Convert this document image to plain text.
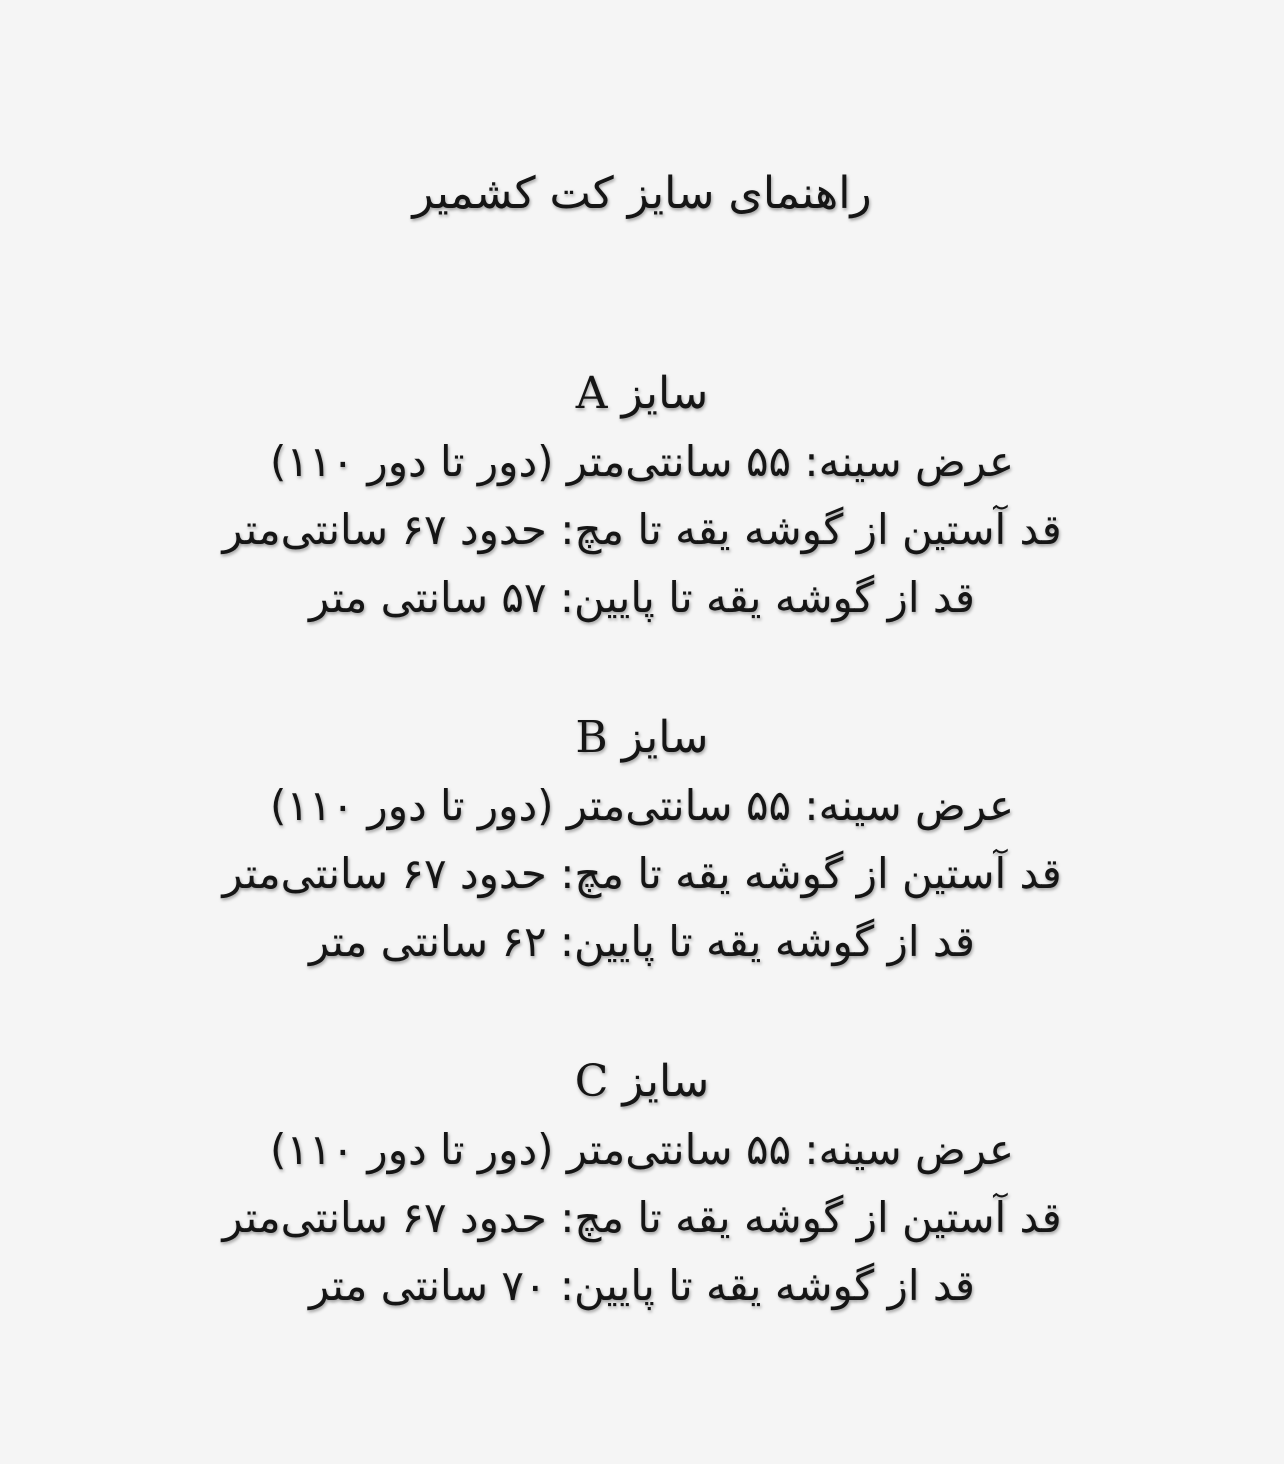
راهنمای سایز کت کشمیر
سایز A
عرض سینه: ۵۵ سانتی‌متر (دور تا دور ۱۱۰)
قد آستین از گوشه یقه تا مچ: حدود ۶۷ سانتی‌متر
قد از گوشه یقه تا پایین: ۵۷ سانتی متر
سایز B
عرض سینه: ۵۵ سانتی‌متر (دور تا دور ۱۱۰)
قد آستین از گوشه یقه تا مچ: حدود ۶۷ سانتی‌متر
قد از گوشه یقه تا پایین: ۶۲ سانتی متر
سایز C
عرض سینه: ۵۵ سانتی‌متر (دور تا دور ۱۱۰)
قد آستین از گوشه یقه تا مچ: حدود ۶۷ سانتی‌متر
قد از گوشه یقه تا پایین: ۷۰ سانتی متر
